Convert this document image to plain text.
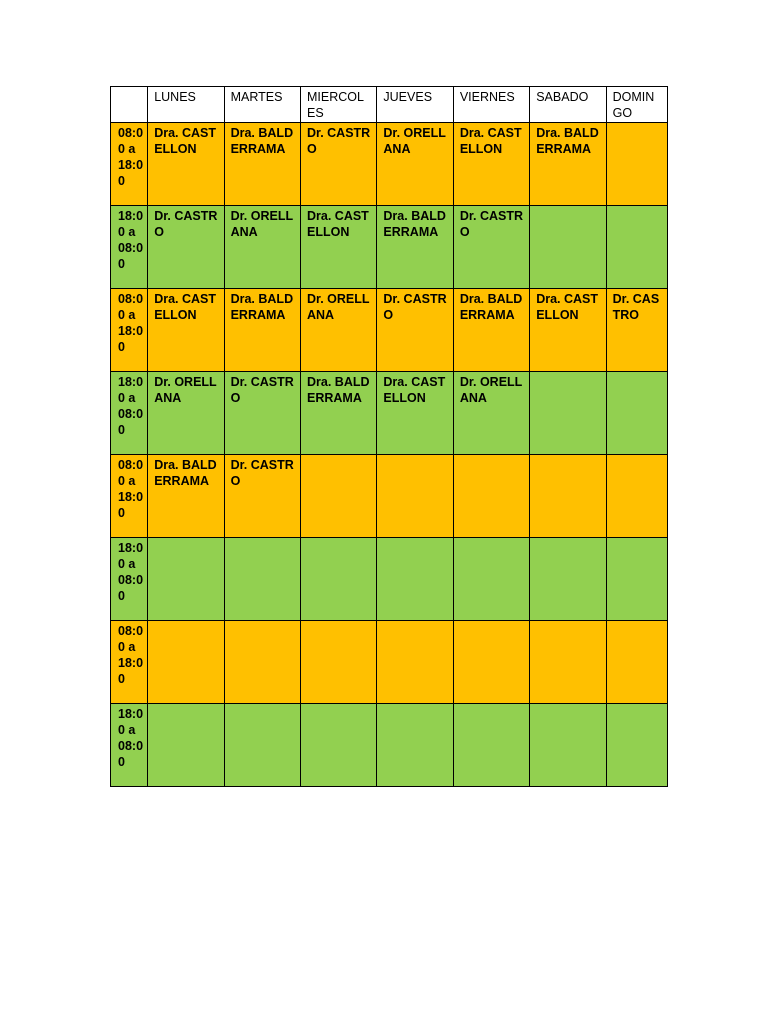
	LUNES	MARTES	MIERCOLES	JUEVES	VIERNES	SABADO	DOMINGO

08:00 a 18:00	Dra. CASTELLON	Dra. BALDERRAMA	Dr. CASTRO	Dr. ORELLANA	Dra. CASTELLON	Dra. BALDERRAMA	

18:00 a 08:00	Dr. CASTRO	Dr. ORELLANA	Dra. CASTELLON	Dra. BALDERRAMA	Dr. CASTRO		

08:00 a 18:00	Dra. CASTELLON	Dra. BALDERRAMA	Dr. ORELLANA	Dr. CASTRO	Dra. BALDERRAMA	Dra. CASTELLON	Dr. CASTRO

18:00 a 08:00	Dr. ORELLANA	Dr. CASTRO	Dra. BALDERRAMA	Dra. CASTELLON	Dr. ORELLANA		

08:00 a 18:00	Dra. BALDERRAMA	Dr. CASTRO					

18:00 a 08:00							

08:00 a 18:00							

18:00 a 08:00							
